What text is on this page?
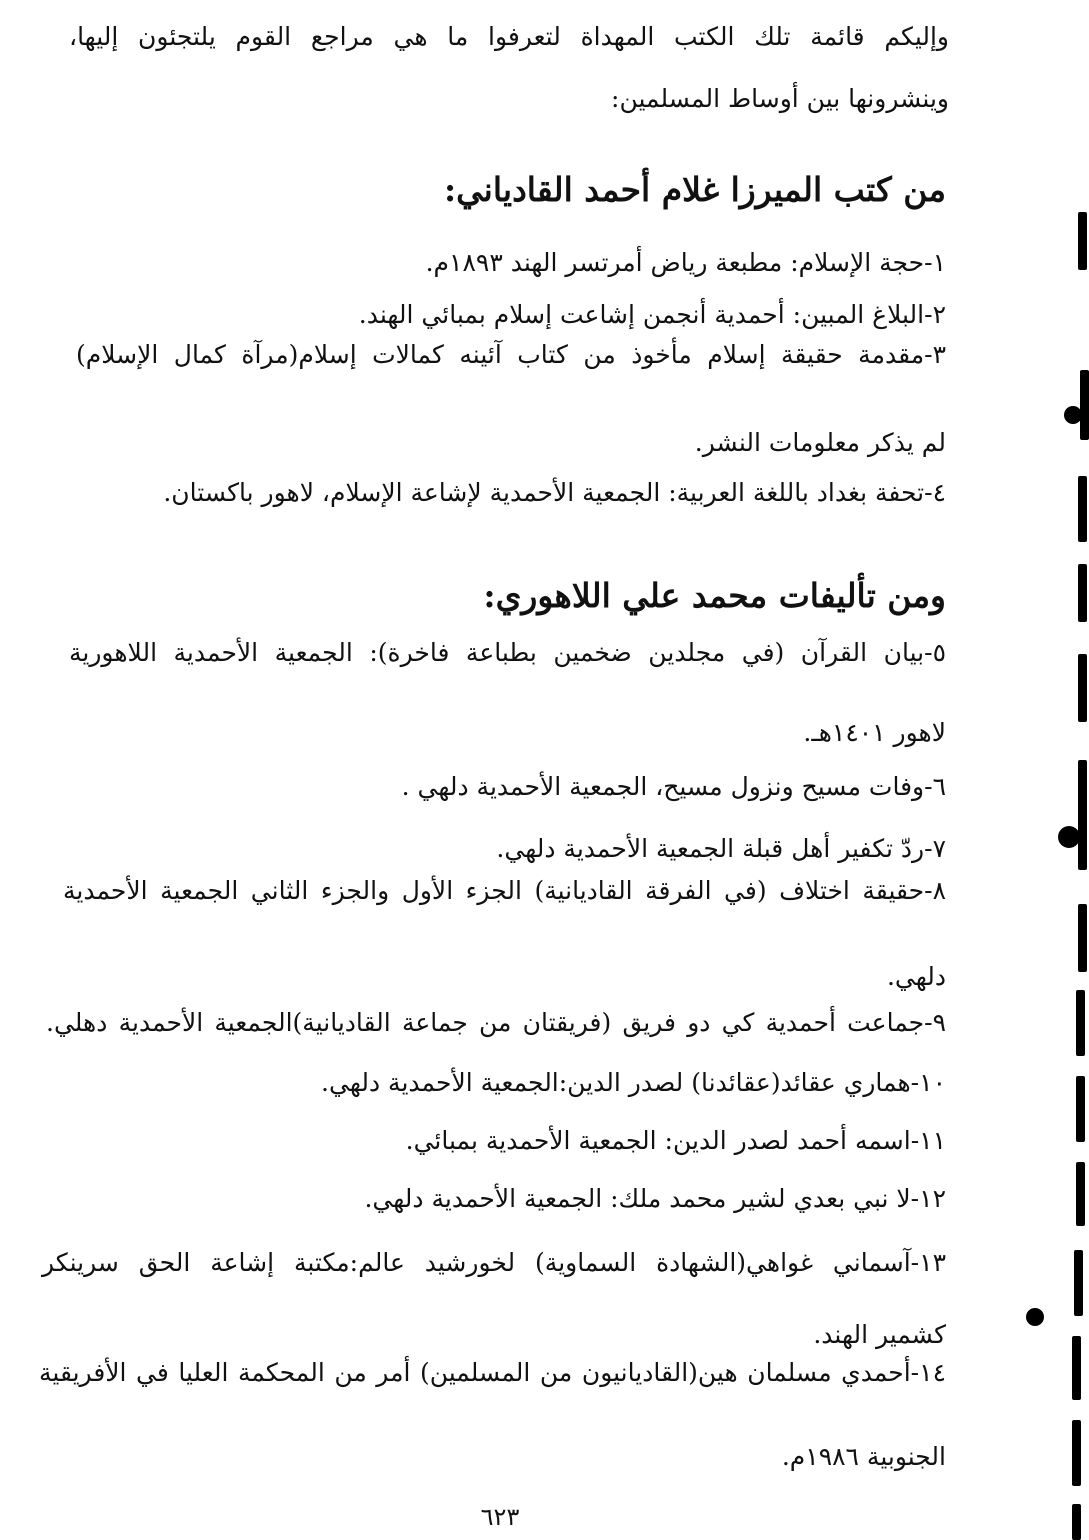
وإليكم قائمة تلك الكتب المهداة لتعرفوا ما هي مراجع القوم يلتجئون إليها،
وينشرونها بين أوساط المسلمين:
من كتب الميرزا غلام أحمد القادياني:
١-حجة الإسلام: مطبعة رياض أمرتسر الهند ١٨٩٣م.
٢-البلاغ المبين: أحمدية أنجمن إشاعت إسلام بمبائي الهند.
٣-مقدمة حقيقة إسلام مأخوذ من كتاب آئينه كمالات إسلام(مرآة كمال الإسلام)
لم يذكر معلومات النشر.
٤-تحفة بغداد باللغة العربية: الجمعية الأحمدية لإشاعة الإسلام، لاهور باكستان.
ومن تأليفات محمد علي اللاهوري:
٥-بيان القرآن (في مجلدين ضخمين بطباعة فاخرة): الجمعية الأحمدية اللاهورية
لاهور ١٤٠١هـ.
٦-وفات مسيح ونزول مسيح، الجمعية الأحمدية دلهي .
٧-ردّ تكفير أهل قبلة الجمعية الأحمدية دلهي.
٨-حقيقة اختلاف (في الفرقة القاديانية) الجزء الأول والجزء الثاني الجمعية الأحمدية
دلهي.
٩-جماعت أحمدية كي دو فريق (فريقتان من جماعة القاديانية)الجمعية الأحمدية دهلي.
١٠-هماري عقائد(عقائدنا) لصدر الدين:الجمعية الأحمدية دلهي.
١١-اسمه أحمد لصدر الدين: الجمعية الأحمدية بمبائي.
١٢-لا نبي بعدي لشير محمد ملك: الجمعية الأحمدية دلهي.
١٣-آسماني غواهي(الشهادة السماوية) لخورشيد عالم:مكتبة إشاعة الحق سرينكر
كشمير الهند.
١٤-أحمدي مسلمان هين(القاديانيون من المسلمين) أمر من المحكمة العليا في الأفريقية
الجنوبية ١٩٨٦م.
٦٢٣
